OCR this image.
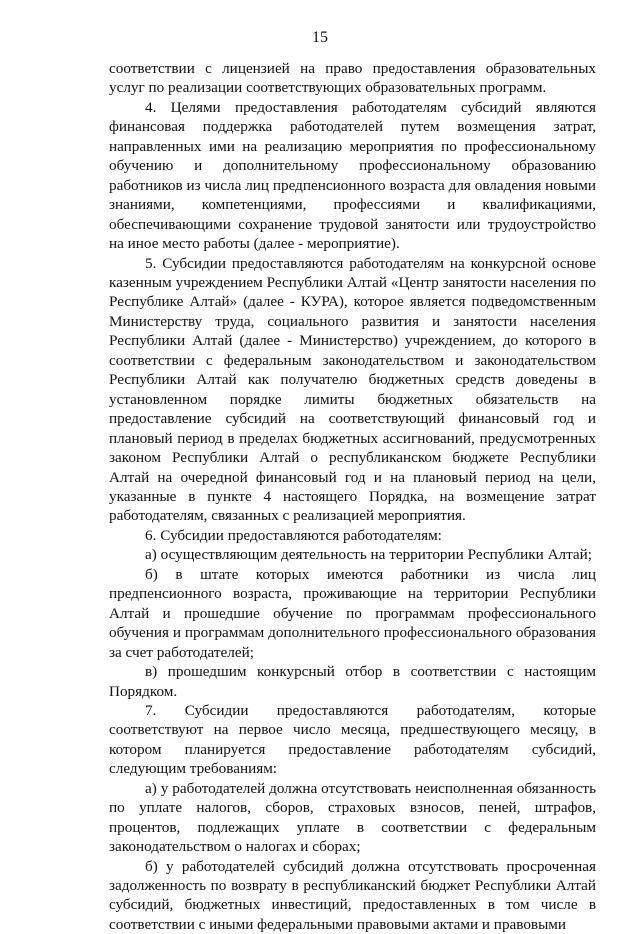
15

соответствии с лицензией на право предоставления образовательных услуг по реализации соответствующих образовательных программ.

4. Целями предоставления работодателям субсидий являются финансовая поддержка работодателей путем возмещения затрат, направленных ими на реализацию мероприятия по профессиональному обучению и дополнительному профессиональному образованию работников из числа лиц предпенсионного возраста для овладения новыми знаниями, компетенциями, профессиями и квалификациями, обеспечивающими сохранение трудовой занятости или трудоустройство на иное место работы (далее - мероприятие).

5. Субсидии предоставляются работодателям на конкурсной основе казенным учреждением Республики Алтай «Центр занятости населения по Республике Алтай» (далее - КУРА), которое является подведомственным Министерству труда, социального развития и занятости населения Республики Алтай (далее - Министерство) учреждением, до которого в соответствии с федеральным законодательством и законодательством Республики Алтай как получателю бюджетных средств доведены в установленном порядке лимиты бюджетных обязательств на предоставление субсидий на соответствующий финансовый год и плановый период в пределах бюджетных ассигнований, предусмотренных законом Республики Алтай о республиканском бюджете Республики Алтай на очередной финансовый год и на плановый период на цели, указанные в пункте 4 настоящего Порядка, на возмещение затрат работодателям, связанных с реализацией мероприятия.

6. Субсидии предоставляются работодателям:

а) осуществляющим деятельность на территории Республики Алтай;

б) в штате которых имеются работники из числа лиц предпенсионного возраста, проживающие на территории Республики Алтай и прошедшие обучение по программам профессионального обучения и программам дополнительного профессионального образования за счет работодателей;

в) прошедшим конкурсный отбор в соответствии с настоящим Порядком.

7. Субсидии предоставляются работодателям, которые соответствуют на первое число месяца, предшествующего месяцу, в котором планируется предоставление работодателям субсидий, следующим требованиям:

а) у работодателей должна отсутствовать неисполненная обязанность по уплате налогов, сборов, страховых взносов, пеней, штрафов, процентов, подлежащих уплате в соответствии с федеральным законодательством о налогах и сборах;

б) у работодателей субсидий должна отсутствовать просроченная задолженность по возврату в республиканский бюджет Республики Алтай субсидий, бюджетных инвестиций, предоставленных в том числе в соответствии с иными федеральными правовыми актами и правовыми
